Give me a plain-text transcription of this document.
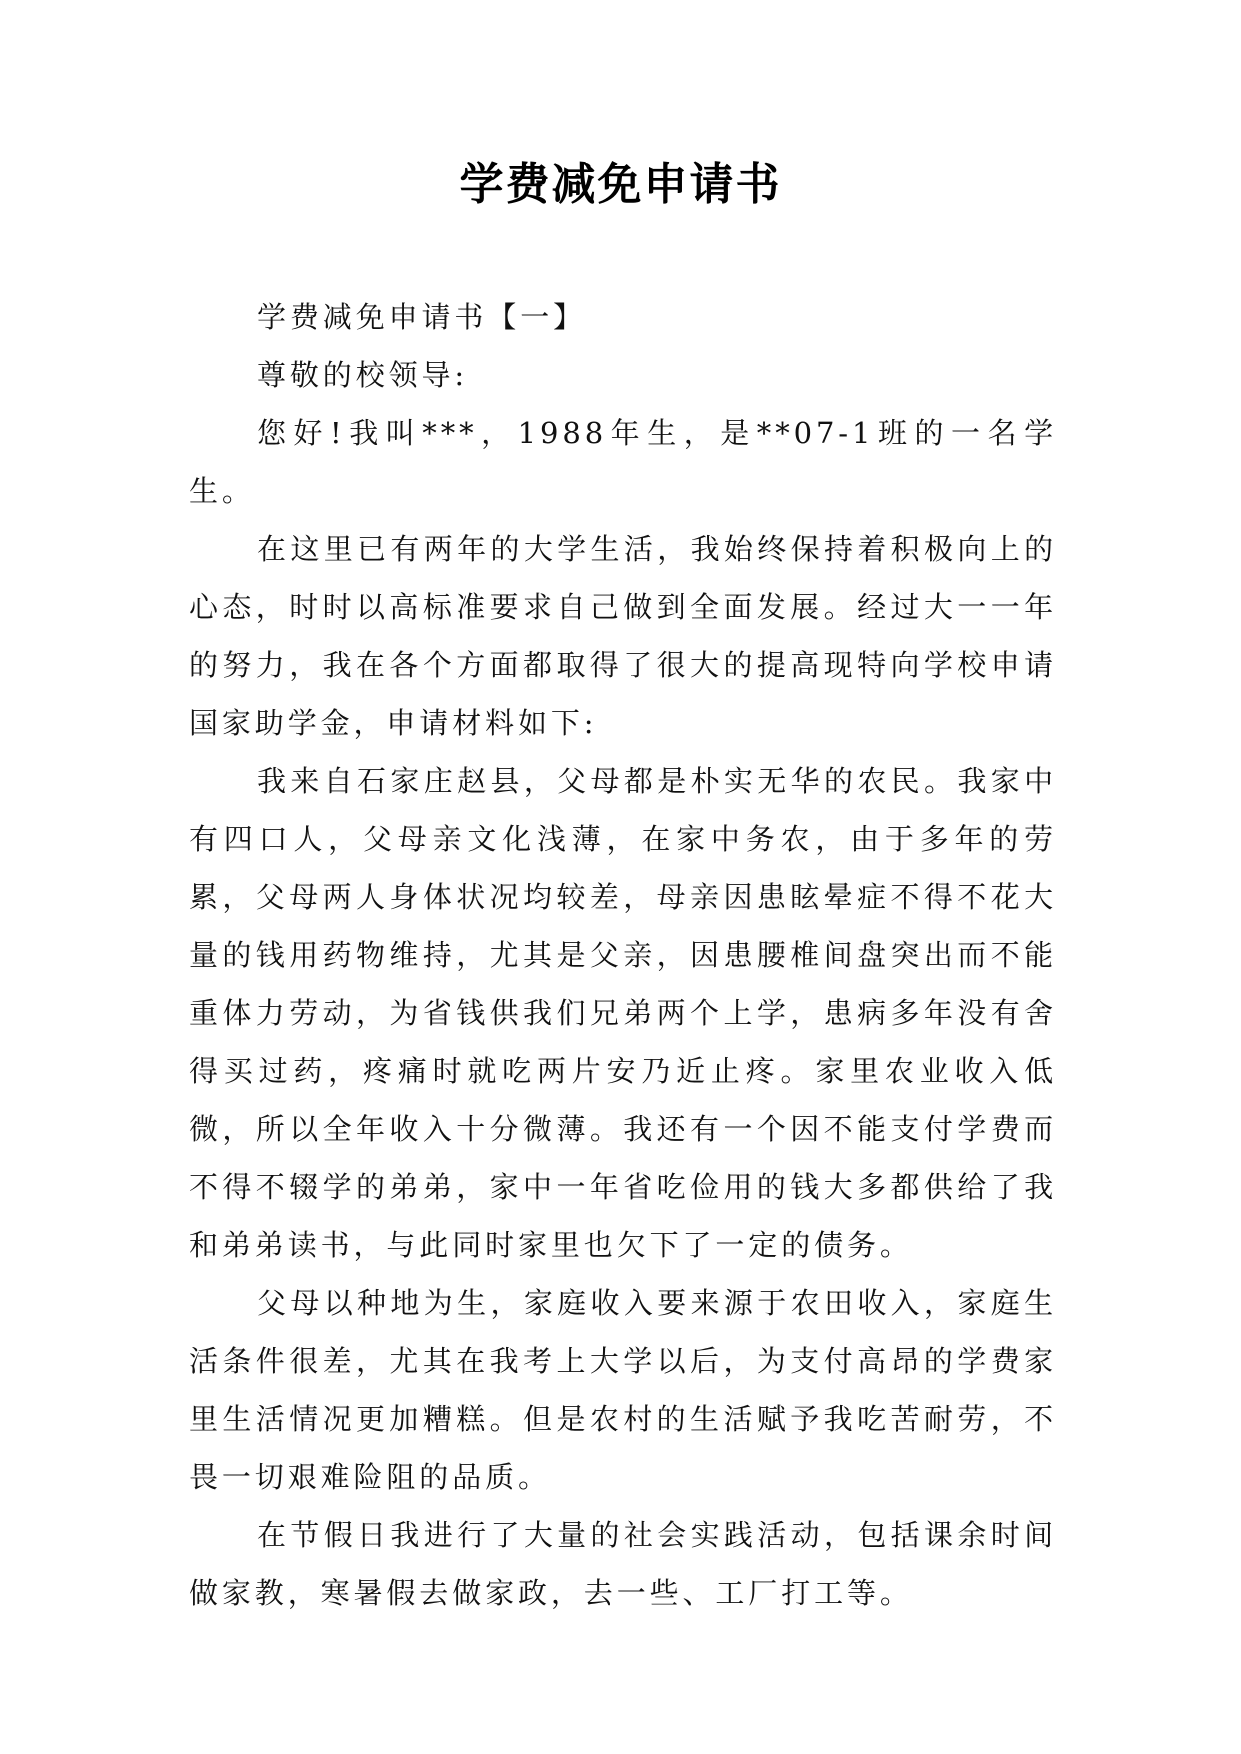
学费减免申请书

学费减免申请书【一】

尊敬的校领导:

您好!我叫***，1988年生，是**07-1班的一名学生。

在这里已有两年的大学生活，我始终保持着积极向上的心态，时时以高标准要求自己做到全面发展。经过大一一年的努力，我在各个方面都取得了很大的提高现特向学校申请国家助学金，申请材料如下:

我来自石家庄赵县，父母都是朴实无华的农民。我家中有四口人，父母亲文化浅薄，在家中务农，由于多年的劳累，父母两人身体状况均较差，母亲因患眩晕症不得不花大量的钱用药物维持，尤其是父亲，因患腰椎间盘突出而不能重体力劳动，为省钱供我们兄弟两个上学，患病多年没有舍得买过药，疼痛时就吃两片安乃近止疼。家里农业收入低微，所以全年收入十分微薄。我还有一个因不能支付学费而不得不辍学的弟弟，家中一年省吃俭用的钱大多都供给了我和弟弟读书，与此同时家里也欠下了一定的债务。

父母以种地为生，家庭收入要来源于农田收入，家庭生活条件很差，尤其在我考上大学以后，为支付高昂的学费家里生活情况更加糟糕。但是农村的生活赋予我吃苦耐劳，不畏一切艰难险阻的品质。

在节假日我进行了大量的社会实践活动，包括课余时间做家教，寒暑假去做家政，去一些、工厂打工等。
